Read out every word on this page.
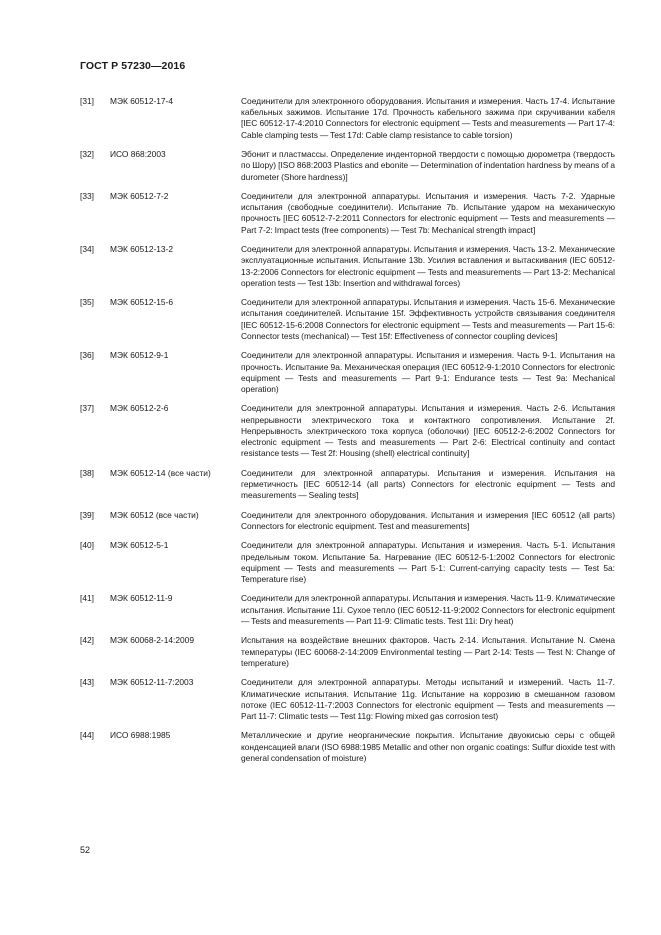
ГОСТ Р 57230—2016
[31] МЭК 60512-17-4	Соединители для электронного оборудования. Испытания и измерения. Часть 17-4. Испытание кабельных зажимов. Испытание 17d. Прочность кабельного зажима при скручивании кабеля [IEC 60512-17-4:2010 Connectors for electronic equipment — Tests and measurements — Part 17-4: Cable clamping tests — Test 17d: Cable clamp resistance to cable torsion)
[32] ИСО 868:2003	Эбонит и пластмассы. Определение инденторной твердости с помощью дюрометра (твердость по Шору) [ISO 868:2003 Plastics and ebonite — Determination of indentation hardness by means of a durometer (Shore hardness)]
[33] МЭК 60512-7-2	Соединители для электронной аппаратуры. Испытания и измерения. Часть 7-2. Ударные испытания (свободные соединители). Испытание 7b. Испытание ударом на механическую прочность [IEC 60512-7-2:2011 Connectors for electronic equipment — Tests and measurements — Part 7-2: Impact tests (free components) — Test 7b: Mechanical strength impact]
[34] МЭК 60512-13-2	Соединители для электронной аппаратуры. Испытания и измерения. Часть 13-2. Механические эксплуатационные испытания. Испытание 13b. Усилия вставления и вытаскивания (IEC 60512-13-2:2006 Connectors for electronic equipment — Tests and measurements — Part 13-2: Mechanical operation tests — Test 13b: Insertion and withdrawal forces)
[35] МЭК 60512-15-6	Соединители для электронной аппаратуры. Испытания и измерения. Часть 15-6. Механические испытания соединителей. Испытание 15f. Эффективность устройств связывания соединителя [IEC 60512-15-6:2008 Connectors for electronic equipment — Tests and measurements — Part 15-6: Connector tests (mechanical) — Test 15f: Effectiveness of connector coupling devices]
[36] МЭК 60512-9-1	Соединители для электронной аппаратуры. Испытания и измерения. Часть 9-1. Испытания на прочность. Испытание 9a. Механическая операция (IEC 60512-9-1:2010 Connectors for electronic equipment — Tests and measurements — Part 9-1: Endurance tests — Test 9a: Mechanical operation)
[37] МЭК 60512-2-6	Соединители для электронной аппаратуры. Испытания и измерения. Часть 2-6. Испытания непрерывности электрического тока и контактного сопротивления. Испытание 2f. Непрерывность электрического тока корпуса (оболочки) [IEC 60512-2-6:2002 Connectors for electronic equipment — Tests and measurements — Part 2-6: Electrical continuity and contact resistance tests — Test 2f: Housing (shell) electrical continuity]
[38] МЭК 60512-14 (все части)	Соединители для электронной аппаратуры. Испытания и измерения. Испытания на герметичность [IEC 60512-14 (all parts) Connectors for electronic equipment — Tests and measurements — Sealing tests]
[39] МЭК 60512 (все части)	Соединители для электронного оборудования. Испытания и измерения [IEC 60512 (all parts) Connectors for electronic equipment. Test and measurements]
[40] МЭК 60512-5-1	Соединители для электронной аппаратуры. Испытания и измерения. Часть 5-1. Испытания предельным током. Испытание 5a. Нагревание (IEC 60512-5-1:2002 Connectors for electronic equipment — Tests and measurements — Part 5-1: Current-carrying capacity tests — Test 5a: Temperature rise)
[41] МЭК 60512-11-9	Соединители для электронной аппаратуры. Испытания и измерения. Часть 11-9. Климатические испытания. Испытание 11i. Сухое тепло (IEC 60512-11-9:2002 Connectors for electronic equipment — Tests and measurements — Part 11-9: Climatic tests. Test 11i: Dry heat)
[42] МЭК 60068-2-14:2009	Испытания на воздействие внешних факторов. Часть 2-14. Испытания. Испытание N. Смена температуры (IEC 60068-2-14:2009 Environmental testing — Part 2-14: Tests — Test N: Change of temperature)
[43] МЭК 60512-11-7:2003	Соединители для электронной аппаратуры. Методы испытаний и измерений. Часть 11-7. Климатические испытания. Испытание 11g. Испытание на коррозию в смешанном газовом потоке (IEC 60512-11-7:2003 Connectors for electronic equipment — Tests and measurements — Part 11-7: Climatic tests — Test 11g: Flowing mixed gas corrosion test)
[44] ИСО 6988:1985	Металлические и другие неорганические покрытия. Испытание двуокисью серы с общей конденсацией влаги (ISO 6988:1985 Metallic and other non organic coatings: Sulfur dioxide test with general condensation of moisture)
52
